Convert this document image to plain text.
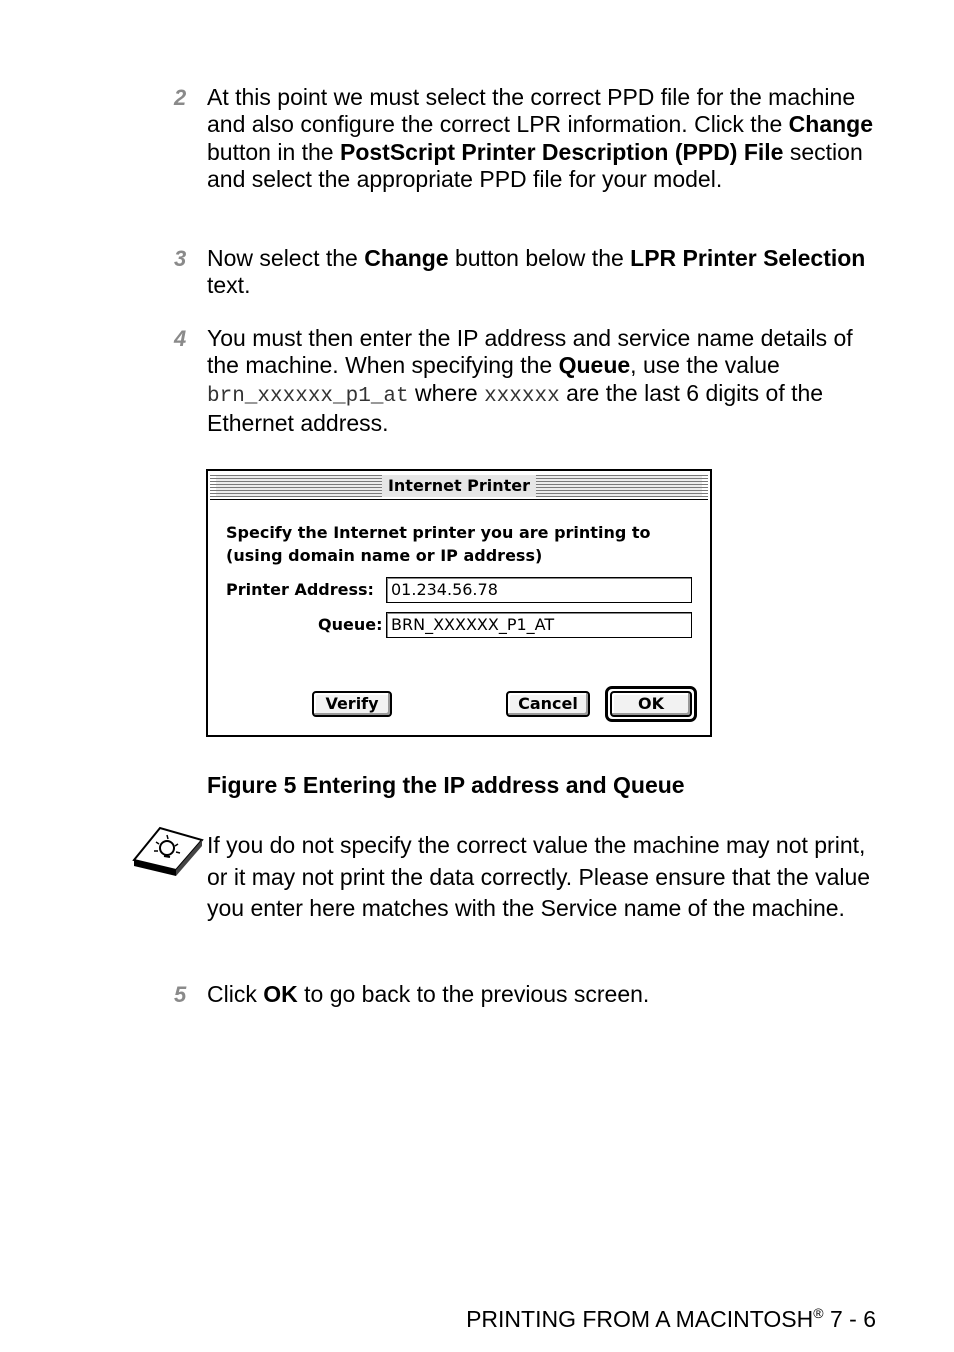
2 At this point we must select the correct PPD file for the machine and also configure the correct LPR information. Click the Change button in the PostScript Printer Description (PPD) File section and select the appropriate PPD file for your model.
3 Now select the Change button below the LPR Printer Selection text.
4 You must then enter the IP address and service name details of the machine. When specifying the Queue, use the value brn_xxxxxx_p1_at where xxxxxx are the last 6 digits of the Ethernet address.
Internet Printer
Specify the Internet printer you are printing to
(using domain name or IP address)
Printer Address:	01.234.56.78
Queue: BRN_XXXXXX_P1_AT
Verify	Cancel	OK
Figure 5 Entering the IP address and Queue
If you do not specify the correct value the machine may not print, or it may not print the data correctly. Please ensure that the value you enter here matches with the Service name of the machine.
5 Click OK to go back to the previous screen.
PRINTING FROM A MACINTOSH® 7 - 6
